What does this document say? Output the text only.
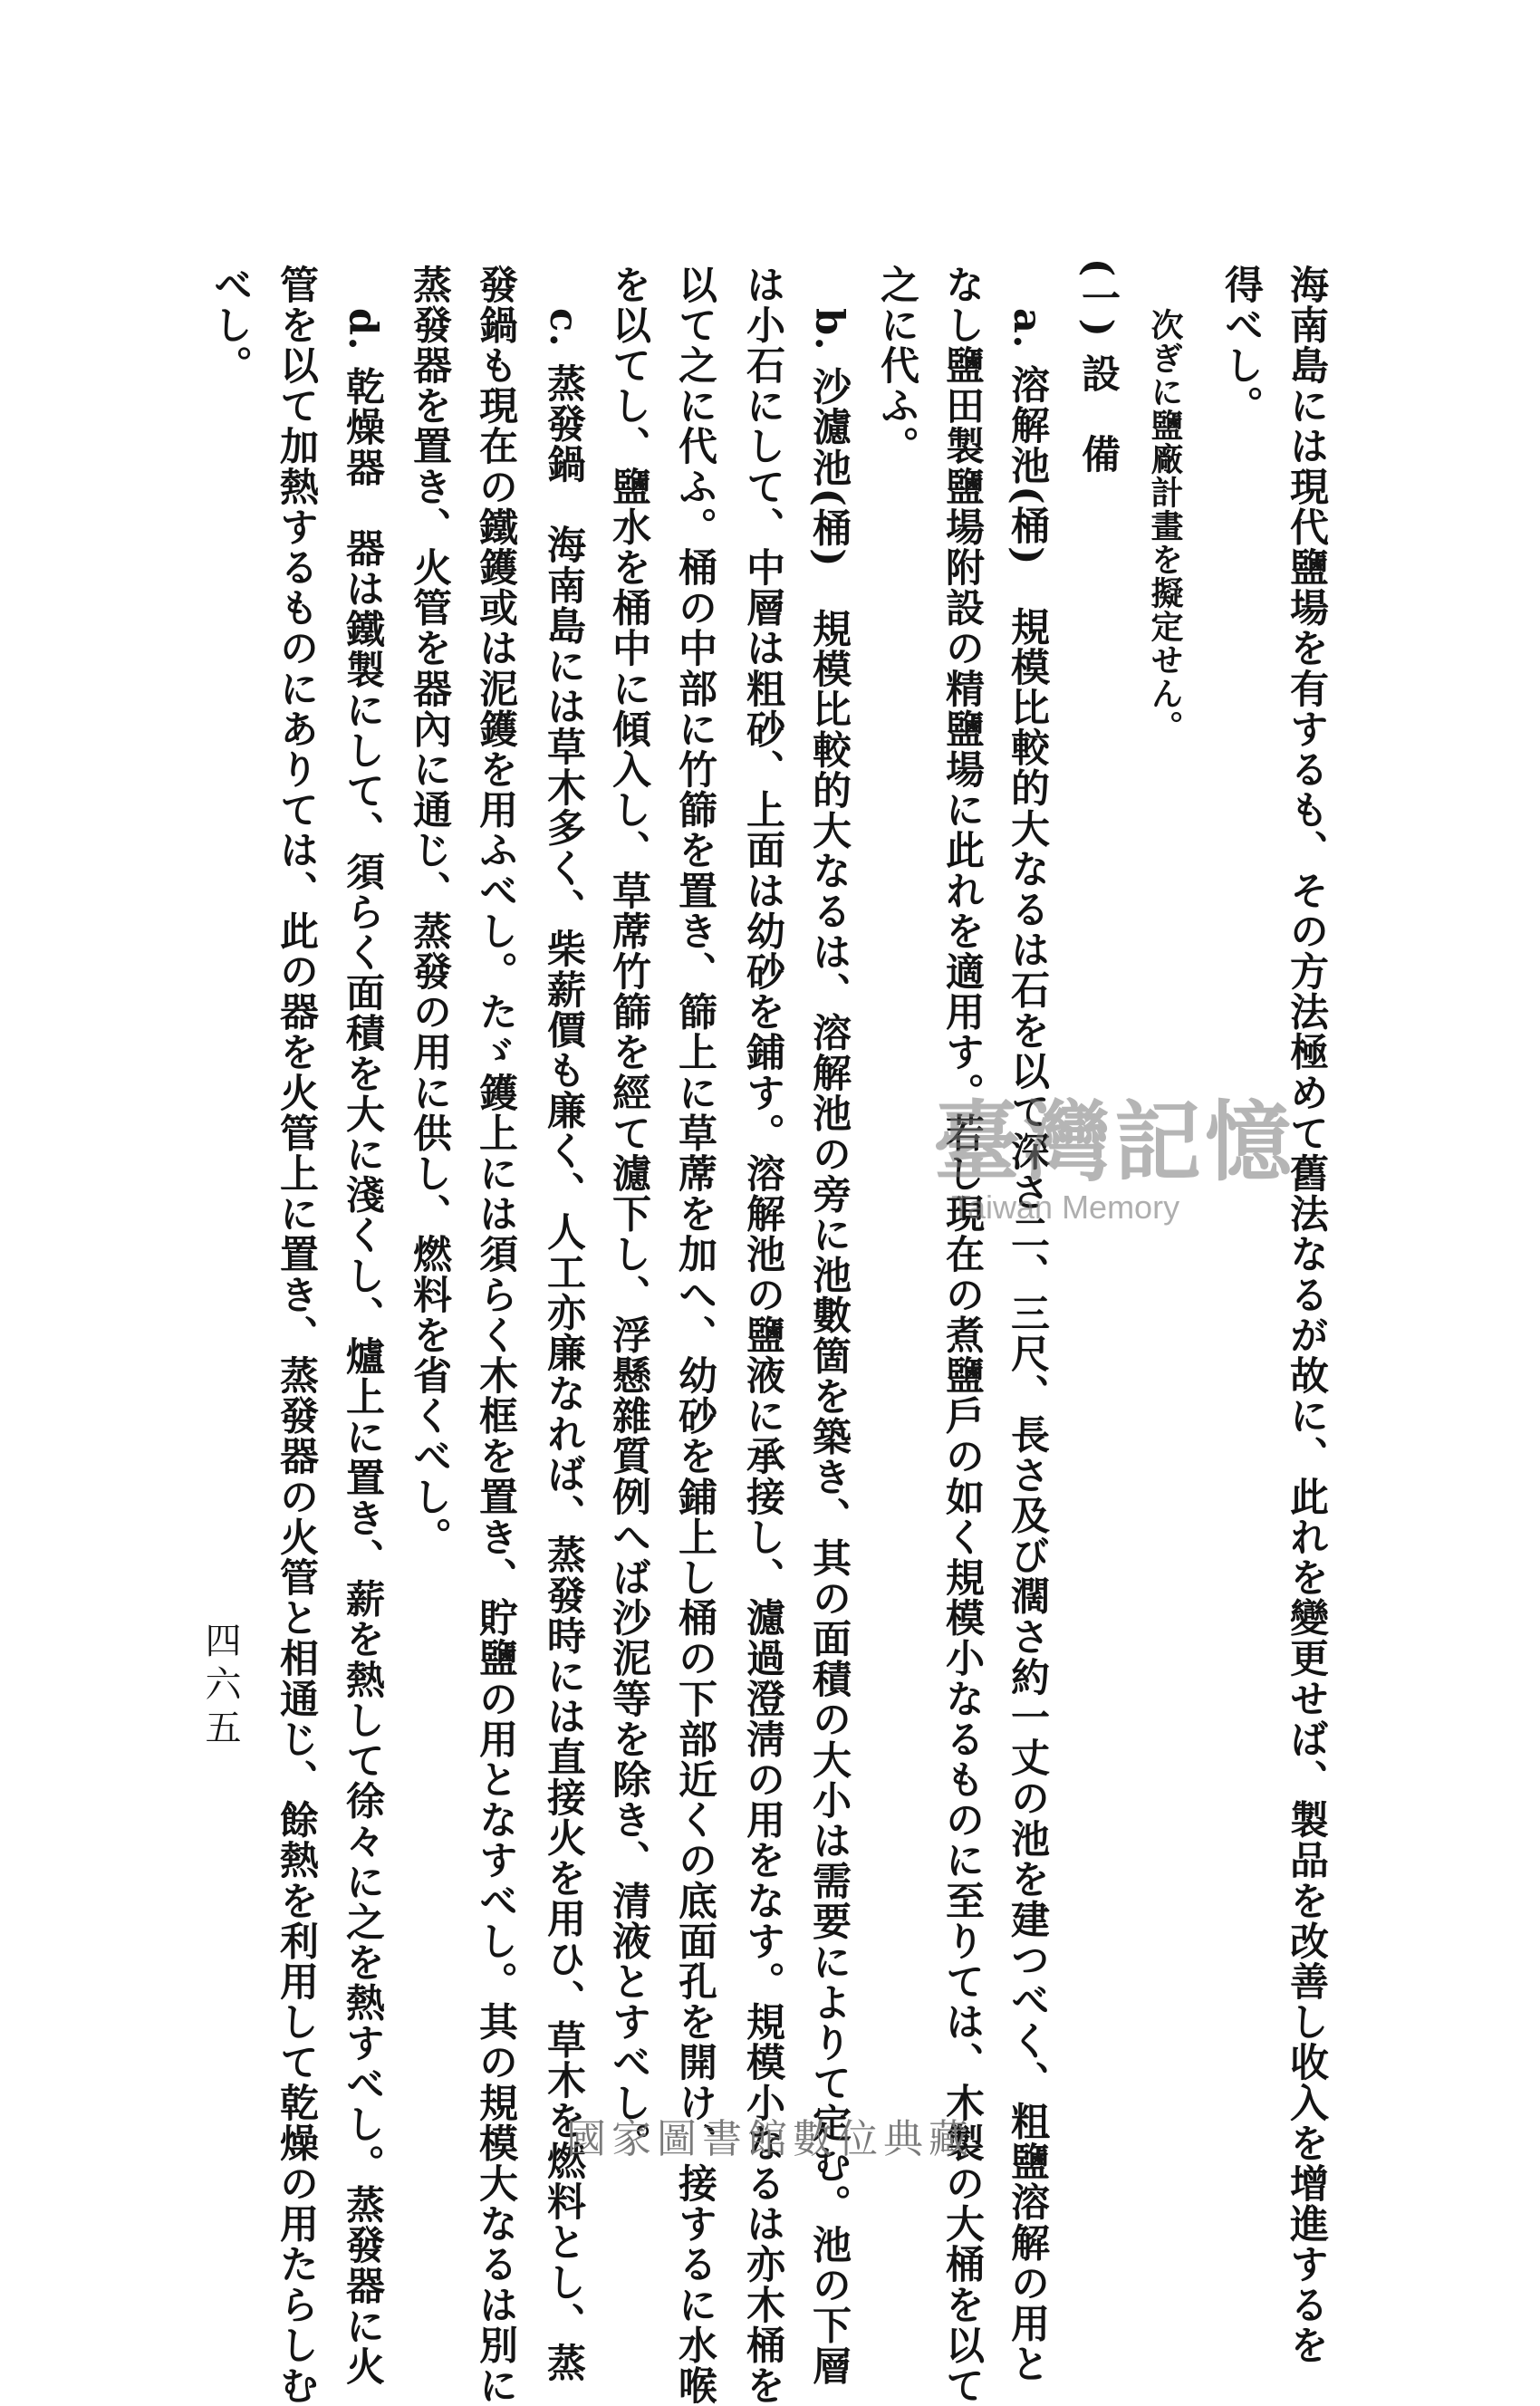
海南島には現代鹽場を有するも、その方法極めて舊法なるが故に、此れを變更せば、製品を改善し收入を增進するを
得べし。
次ぎに鹽廠計畫を擬定せん。
(一) 設　備
a. 溶解池(桶)　規模比較的大なるは石を以て深さ二、三尺、長さ及び濶さ約一丈の池を建つべく、粗鹽溶解の用と
なし鹽田製鹽場附設の精鹽場に此れを適用す。若し現在の煮鹽戶の如く規模小なるものに至りては、木製の大桶を以て
之に代ふ。
b. 沙濾池(桶)　規模比較的大なるは、溶解池の旁に池數箇を築き、其の面積の大小は需要によりて定む。池の下層
は小石にして、中層は粗砂、上面は幼砂を鋪す。溶解池の鹽液に承接し、濾過澄淸の用をなす。規模小なるは亦木桶を
以て之に代ふ。桶の中部に竹篩を置き、篩上に草蓆を加へ、幼砂を鋪上し桶の下部近くの底面孔を開け、接するに水喉
を以てし、鹽水を桶中に傾入し、草蓆竹篩を經て濾下し、浮懸雜質例へば沙泥等を除き、清液とすべし。
c. 蒸發鍋　海南島には草木多く、柴薪價も廉く、人工亦廉なれば、蒸發時には直接火を用ひ、草木を燃料とし、蒸
發鍋も現在の鐵鑊或は泥鑊を用ふべし。たゞ鑊上には須らく木框を置き、貯鹽の用となすべし。其の規模大なるは別に
蒸發器を置き、火管を器內に通じ、蒸發の用に供し、燃料を省くべし。
d. 乾燥器　器は鐵製にして、須らく面積を大に淺くし、爐上に置き、薪を熱して徐々に之を熱すべし。蒸發器に火
管を以て加熱するものにありては、此の器を火管上に置き、蒸發器の火管と相通じ、餘熱を利用して乾燥の用たらしむ
べし。
四六五
臺灣記憶
Taiwan Memory
國家圖書館數位典藏
